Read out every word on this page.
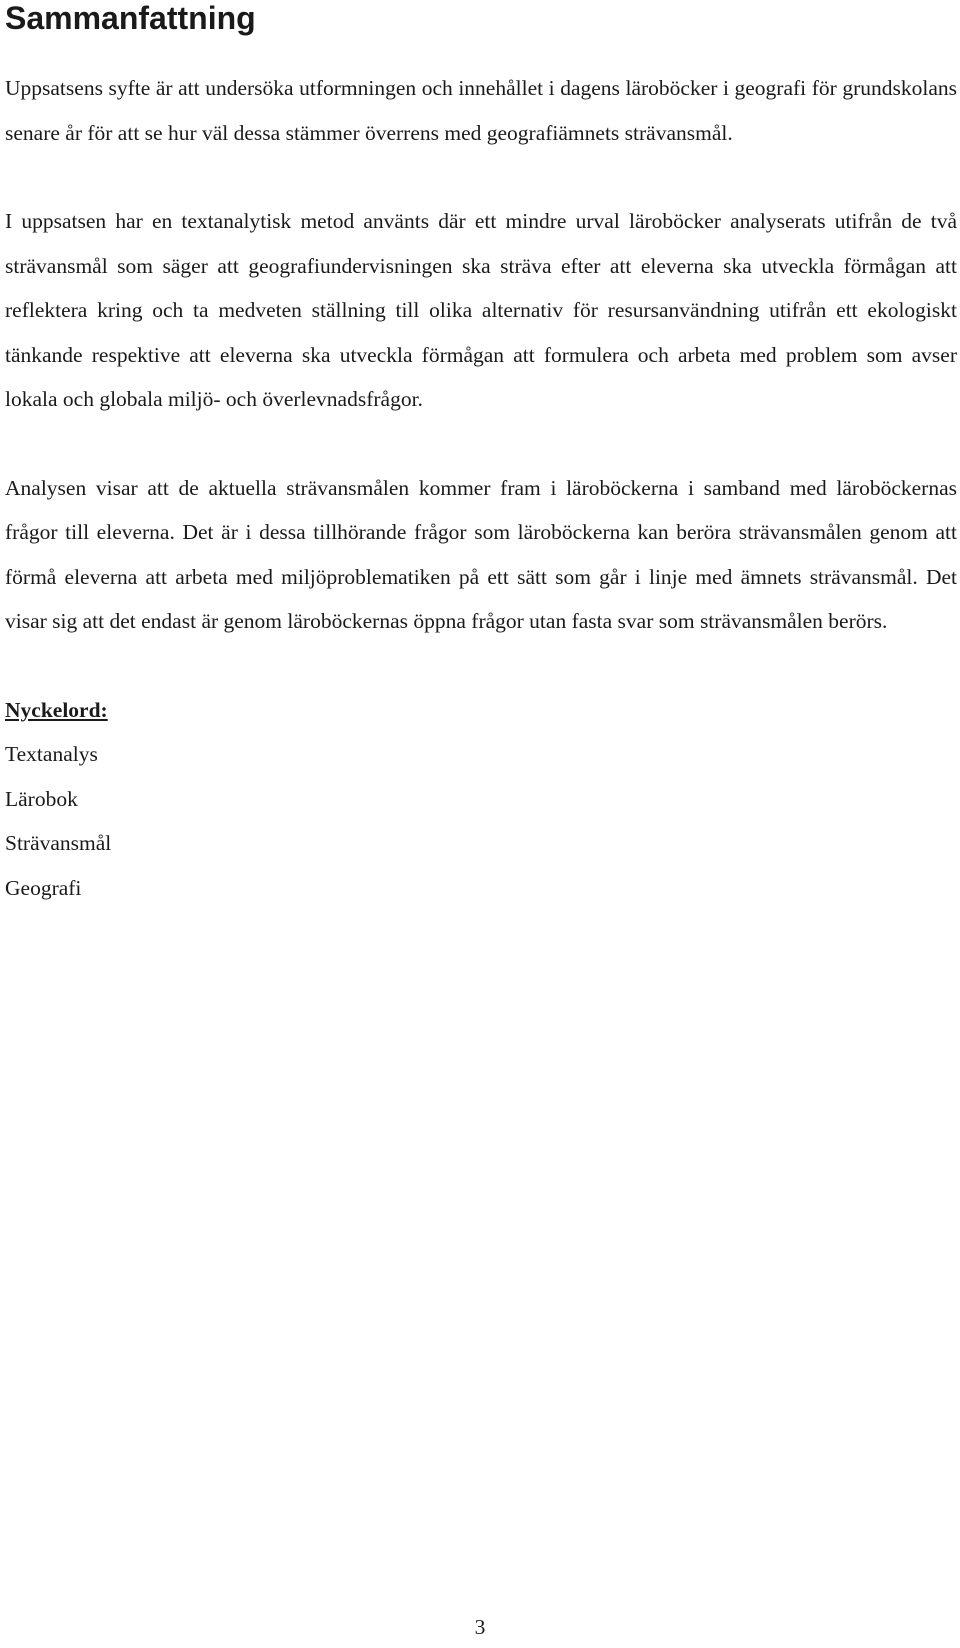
Sammanfattning

Uppsatsens syfte är att undersöka utformningen och innehållet i dagens läroböcker i geografi för grundskolans senare år för att se hur väl dessa stämmer överrens med geografiämnets strävansmål.

I uppsatsen har en textanalytisk metod använts där ett mindre urval läroböcker analyserats utifrån de två strävansmål som säger att geografiundervisningen ska sträva efter att eleverna ska utveckla förmågan att reflektera kring och ta medveten ställning till olika alternativ för resursanvändning utifrån ett ekologiskt tänkande respektive att eleverna ska utveckla förmågan att formulera och arbeta med problem som avser lokala och globala miljö- och överlevnadsfrågor.

Analysen visar att de aktuella strävansmålen kommer fram i läroböckerna i samband med läroböckernas frågor till eleverna. Det är i dessa tillhörande frågor som läroböckerna kan beröra strävansmålen genom att förmå eleverna att arbeta med miljöproblematiken på ett sätt som går i linje med ämnets strävansmål. Det visar sig att det endast är genom läroböckernas öppna frågor utan fasta svar som strävansmålen berörs.

Nyckelord:
Textanalys
Lärobok
Strävansmål
Geografi
3
